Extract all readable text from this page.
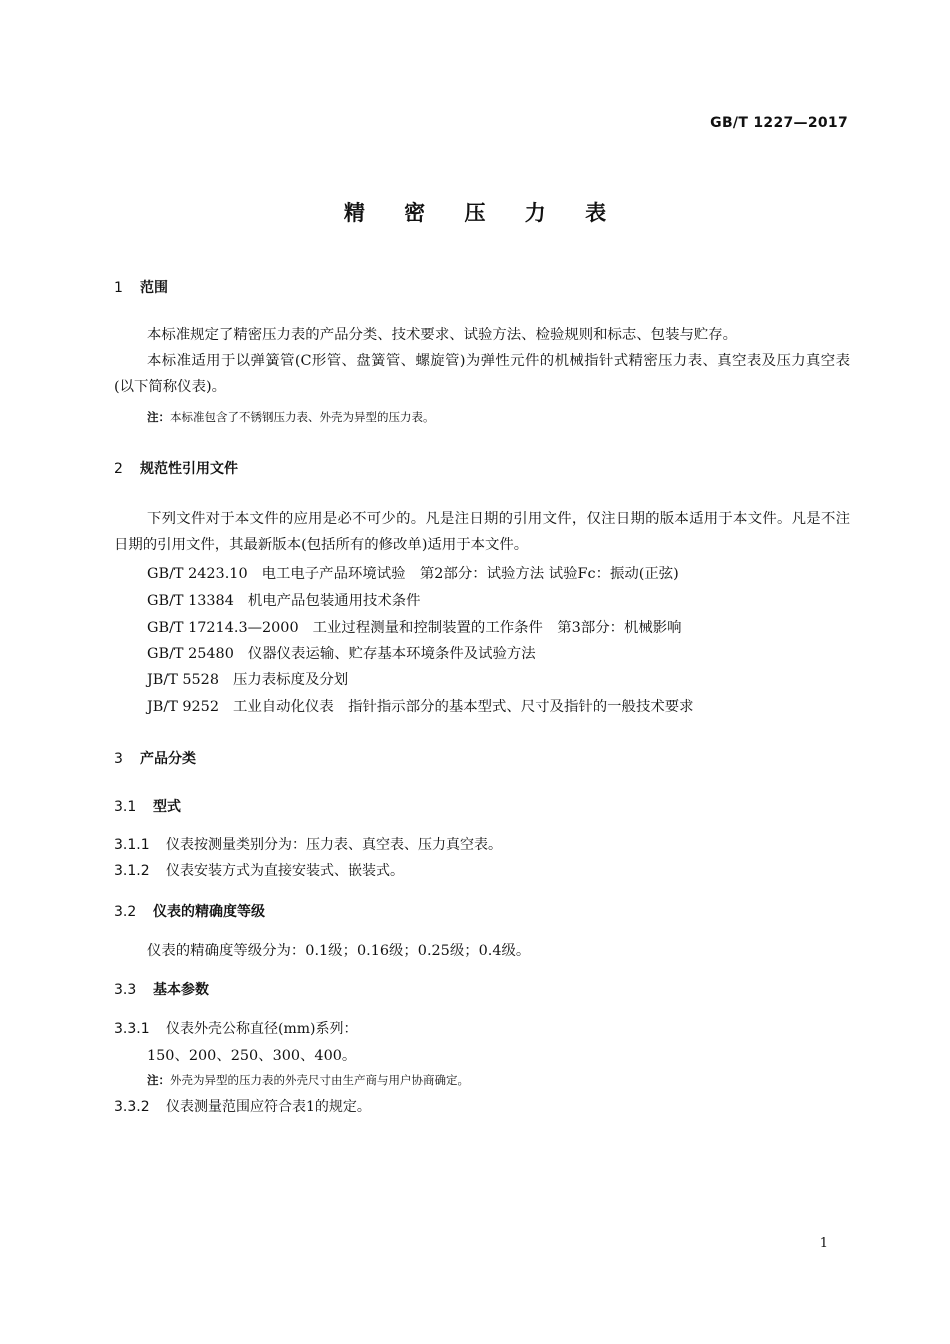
GB/T 1227—2017
精 密 压 力 表
1 范围
本标准规定了精密压力表的产品分类、技术要求、试验方法、检验规则和标志、包装与贮存。
本标准适用于以弹簧管(C形管、盘簧管、螺旋管)为弹性元件的机械指针式精密压力表、真空表及压力真空表(以下简称仪表)。
注：本标准包含了不锈钢压力表、外壳为异型的压力表。
2 规范性引用文件
下列文件对于本文件的应用是必不可少的。凡是注日期的引用文件，仅注日期的版本适用于本文件。凡是不注日期的引用文件，其最新版本(包括所有的修改单)适用于本文件。
GB/T 2423.10 电工电子产品环境试验　第2部分：试验方法 试验Fc：振动(正弦)
GB/T 13384 机电产品包装通用技术条件
GB/T 17214.3—2000 工业过程测量和控制装置的工作条件　第3部分：机械影响
GB/T 25480 仪器仪表运输、贮存基本环境条件及试验方法
JB/T 5528 压力表标度及分划
JB/T 9252 工业自动化仪表　指针指示部分的基本型式、尺寸及指针的一般技术要求
3 产品分类
3.1 型式
3.1.1 仪表按测量类别分为：压力表、真空表、压力真空表。
3.1.2 仪表安装方式为直接安装式、嵌装式。
3.2 仪表的精确度等级
仪表的精确度等级分为：0.1级；0.16级；0.25级；0.4级。
3.3 基本参数
3.3.1 仪表外壳公称直径(mm)系列：
150、200、250、300、400。
注：外壳为异型的压力表的外壳尺寸由生产商与用户协商确定。
3.3.2 仪表测量范围应符合表1的规定。
1
